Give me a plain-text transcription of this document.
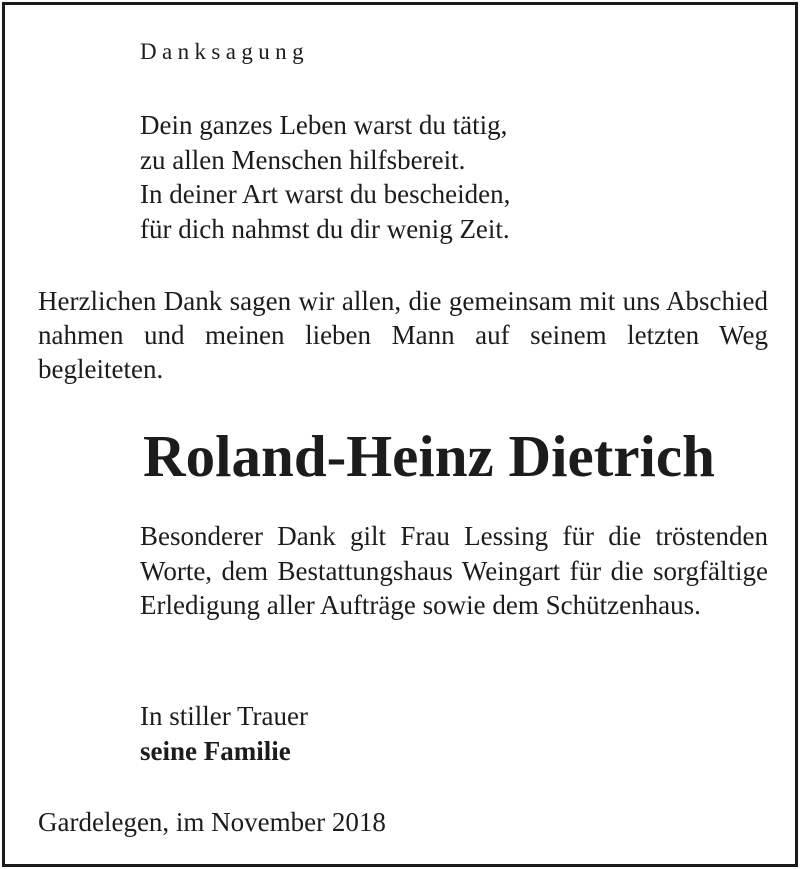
Danksagung

Dein ganzes Leben warst du tätig,
zu allen Menschen hilfsbereit.
In deiner Art warst du bescheiden,
für dich nahmst du dir wenig Zeit.

Herzlichen Dank sagen wir allen, die gemeinsam mit uns Abschied nahmen und meinen lieben Mann auf seinem letzten Weg begleiteten.

Roland-Heinz Dietrich

Besonderer Dank gilt Frau Lessing für die tröstenden Worte, dem Bestattungshaus Weingart für die sorgfältige Erledigung aller Aufträge sowie dem Schützenhaus.

In stiller Trauer
seine Familie

Gardelegen, im November 2018
